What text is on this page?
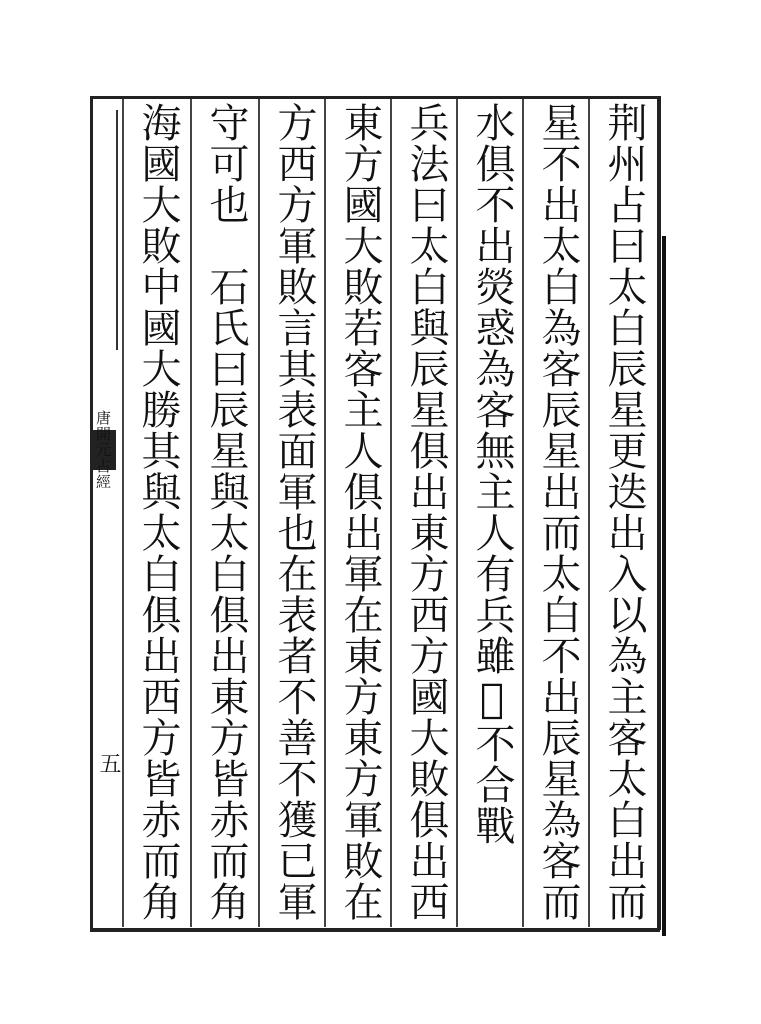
荆州占曰太白辰星更迭出入以為主客太白出而
星不出太白為客辰星出而太白不出辰星為客而
水俱不出熒惑為客無主人有兵雖𡮢不合戰　
兵法曰太白與辰星俱出東方西方國大敗俱出西
東方國大敗若客主人俱出軍在東方東方軍敗在
方西方軍敗言其表面軍也在表者不善不獲已軍
守可也　石氏曰辰星與太白俱出東方皆赤而角
海國大敗中國大勝其與太白俱出西方皆赤而角
唐開元占經
五
